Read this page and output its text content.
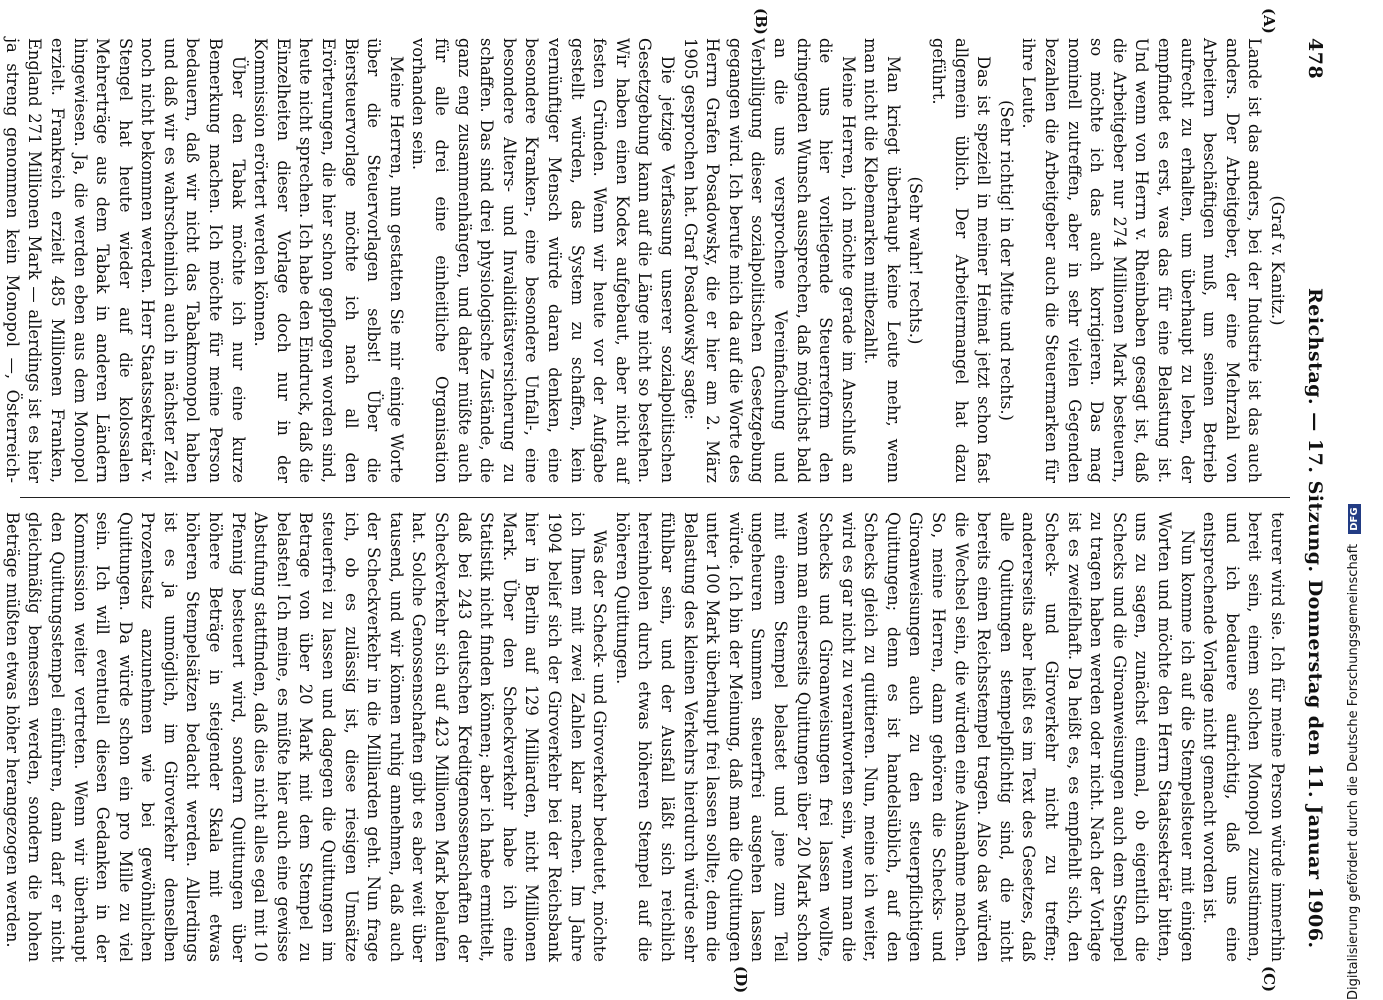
478
Reichstag. — 17. Sitzung. Donnerstag den 11. Januar 1906.
(A)
(B)
(C)
(D)

(Graf v. Kanitz.)

Lande ist das anders, bei der Industrie ist das auch anders. Der Arbeitgeber, der eine Mehrzahl von Arbeitern beschäftigen muß, um seinen Betrieb aufrecht zu erhalten, um überhaupt zu leben, der empfindet es erst, was das für eine Belastung ist. Und wenn von Herrn v. Rheinbaben gesagt ist, daß die Arbeitgeber nur 274 Millionen Mark besteuern, so möchte ich das auch korrigieren. Das mag nominell zutreffen, aber in sehr vielen Gegenden bezahlen die Arbeitgeber auch die Steuermarken für ihre Leute.

(Sehr richtig! in der Mitte und rechts.)

Das ist speziell in meiner Heimat jetzt schon fast allgemein üblich. Der Arbeitermangel hat dazu geführt.

(Sehr wahr! rechts.)

Man kriegt überhaupt keine Leute mehr, wenn man nicht die Klebemarken mitbezahlt.

Meine Herren, ich möchte gerade im Anschluß an die uns hier vorliegende Steuerreform den dringenden Wunsch aussprechen, daß möglichst bald an die uns versprochene Vereinfachung und Verbilligung dieser sozialpolitischen Gesetzgebung gegangen wird. Ich berufe mich da auf die Worte des Herrn Grafen Posadowsky, die er hier am 2. März 1905 gesprochen hat. Graf Posadowsky sagte:

Die jetzige Verfassung unserer sozialpolitischen Gesetzgebung kann auf die Länge nicht so bestehen. Wir haben einen Kodex aufgebaut, aber nicht auf festen Gründen. Wenn wir heute vor der Aufgabe gestellt würden, das System zu schaffen, kein vernünftiger Mensch würde daran denken, eine besondere Kranken-, eine besondere Unfall-, eine besondere Alters- und Invaliditätsversicherung zu schaffen. Das sind drei physiologische Zustände, die ganz eng zusammenhängen, und daher müßte auch für alle drei eine einheitliche Organisation vorhanden sein.

Meine Herren, nun gestatten Sie mir einige Worte über die Steuervorlagen selbst! Über die Biersteuervorlage möchte ich nach all den Erörterungen, die hier schon gepflogen worden sind, heute nicht sprechen. Ich habe den Eindruck, daß die Einzelheiten dieser Vorlage doch nur in der Kommission erörtert werden können.

Über den Tabak möchte ich nur eine kurze Bemerkung machen. Ich möchte für meine Person bedauern, daß wir nicht das Tabakmonopol haben und daß wir es wahrscheinlich auch in nächster Zeit noch nicht bekommen werden. Herr Staatssekretär v. Stengel hat heute wieder auf die kolossalen Mehrerträge aus dem Tabak in anderen Ländern hingewiesen. Ja, die werden eben aus dem Monopol erzielt. Frankreich erzielt 485 Millionen Franken, England 271 Millionen Mark — allerdings ist es hier ja streng genommen kein Monopol —, Österreich-

teurer wird sie. Ich für meine Person würde immerhin bereit sein, einem solchen Monopol zuzustimmen, und ich bedauere aufrichtig, daß uns eine entsprechende Vorlage nicht gemacht worden ist.

Nun komme ich auf die Stempelsteuer mit einigen Worten und möchte den Herrn Staatssekretär bitten, uns zu sagen, zunächst einmal, ob eigentlich die Schecks und die Giroanweisungen auch dem Stempel zu tragen haben werden oder nicht. Nach der Vorlage ist es zweifelhaft. Da heißt es, es empfiehlt sich, den Scheck- und Giroverkehr nicht zu treffen; andererseits aber heißt es im Text des Gesetzes, daß alle Quittungen stempelpflichtig sind, die nicht bereits einen Reichsstempel tragen. Also das würden die Wechsel sein, die würden eine Ausnahme machen. So, meine Herren, dann gehören die Schecks- und Giroanweisungen auch zu den steuerpflichtigen Quittungen; denn es ist handelsüblich, auf den Schecks gleich zu quittieren. Nun, meine ich weiter, wird es gar nicht zu verantworten sein, wenn man die Schecks und Giroanweisungen frei lassen wollte, wenn man einerseits Quittungen über 20 Mark schon mit einem Stempel belastet und jene zum Teil ungeheuren Summen steuerfrei ausgehen lassen würde. Ich bin der Meinung, daß man die Quittungen unter 100 Mark überhaupt frei lassen sollte; denn die Belastung des kleinen Verkehrs hierdurch würde sehr fühlbar sein, und der Ausfall läßt sich reichlich hereinholen durch etwas höheren Stempel auf die höheren Quittungen.

Was der Scheck- und Giroverkehr bedeutet, möchte ich Ihnen mit zwei Zahlen klar machen. Im Jahre 1904 belief sich der Giroverkehr bei der Reichsbank hier in Berlin auf 129 Milliarden, nicht Millionen Mark. Über den Scheckverkehr habe ich eine Statistik nicht finden können; aber ich habe ermittelt, daß bei 243 deutschen Kreditgenossenschaften der Scheckverkehr sich auf 423 Millionen Mark belaufen hat. Solche Genossenschaften gibt es aber weit über tausend, und wir können ruhig annehmen, daß auch der Scheckverkehr in die Milliarden geht. Nun frage ich, ob es zulässig ist, diese riesigen Umsätze steuerfrei zu lassen und dagegen die Quittungen im Betrage von über 20 Mark mit dem Stempel zu belasten! Ich meine, es müßte hier auch eine gewisse Abstufung stattfinden, daß dies nicht alles egal mit 10 Pfennig besteuert wird, sondern Quittungen über höhere Beträge in steigender Skala mit etwas höheren Stempelsätzen bedacht werden. Allerdings ist es ja unmöglich, im Giroverkehr denselben Prozentsatz anzunehmen wie bei gewöhnlichen Quittungen. Da würde schon ein pro Mille zu viel sein. Ich will eventuell diesen Gedanken in der Kommission weiter vertreten. Wenn wir überhaupt den Quittungsstempel einführen, dann darf er nicht gleichmäßig bemessen werden, sondern die hohen Beträge müßten etwas höher herangezogen werden.	Digitalisierung gefördert durch die Deutsche Forschungsgemeinschaft DFG
